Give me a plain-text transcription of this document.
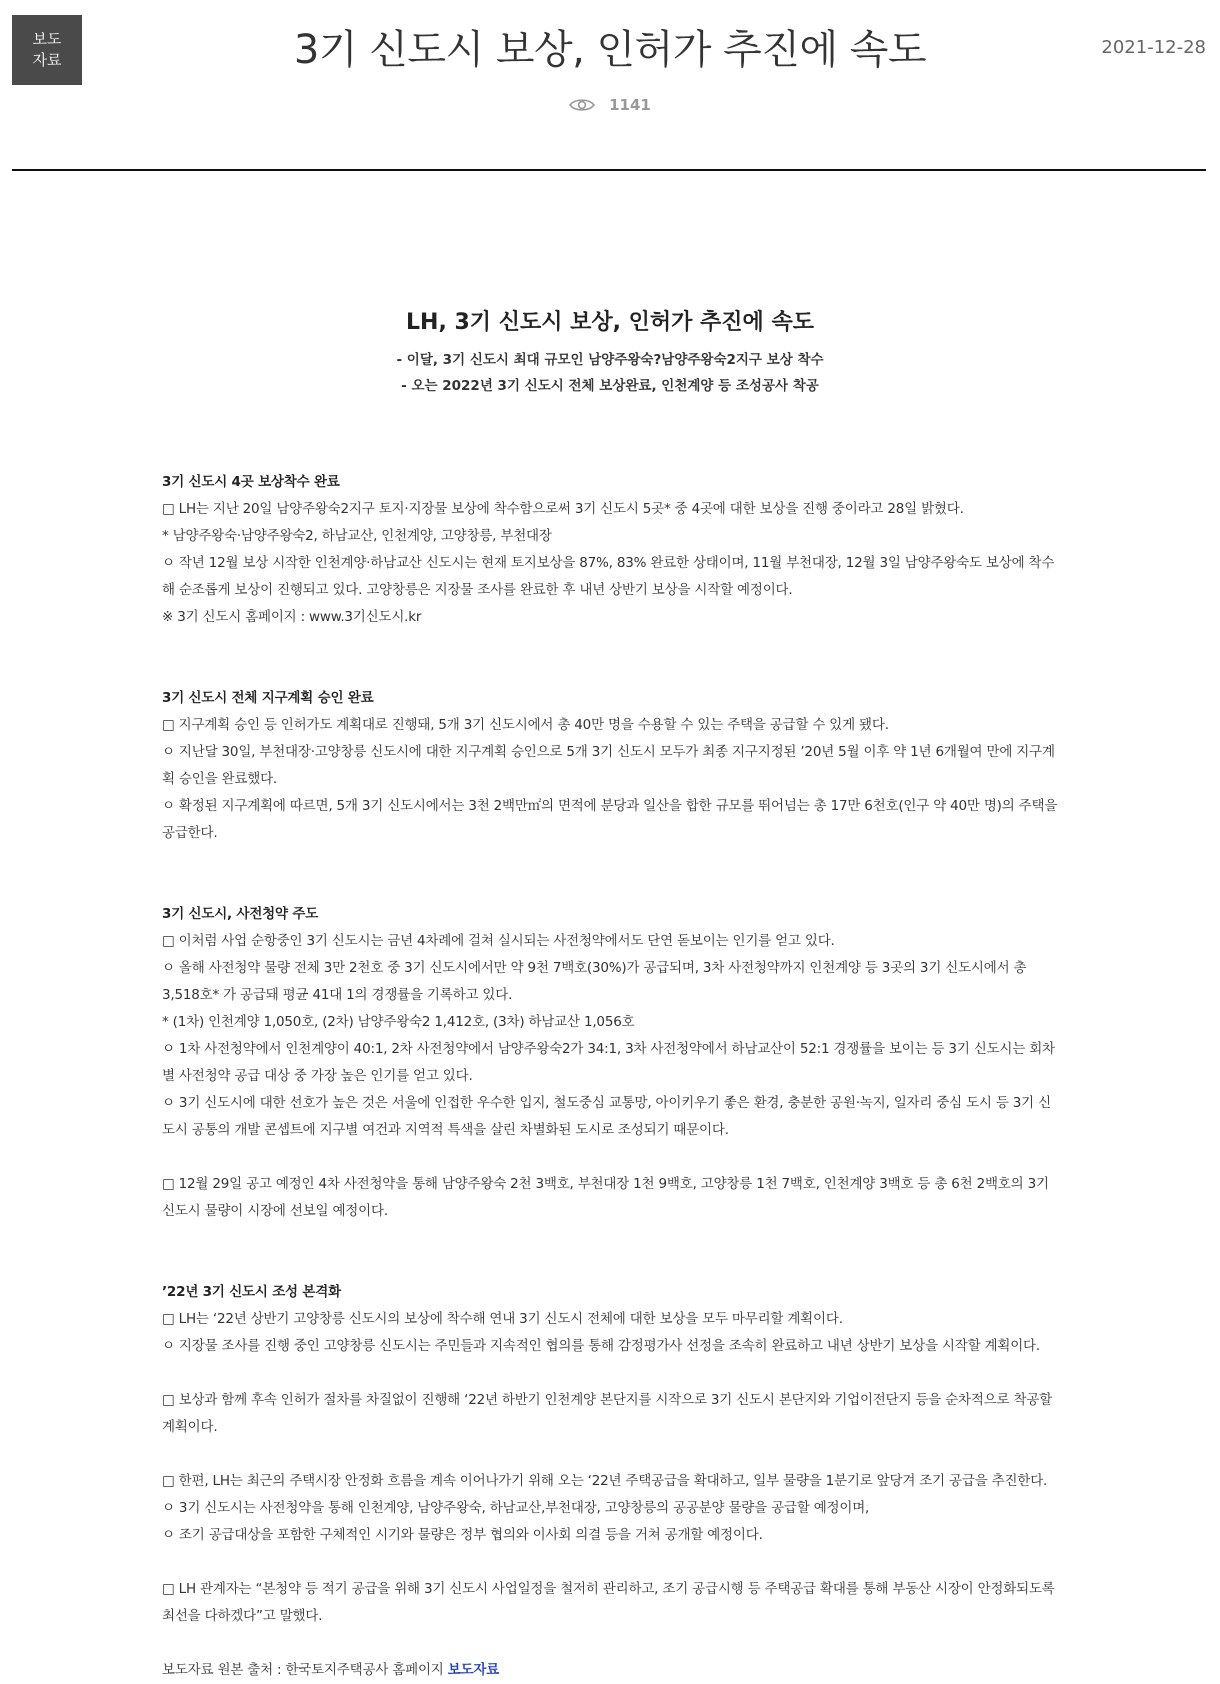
보도
자료	3기 신도시 보상, 인허가 추진에 속도	2021-12-28
1141
LH, 3기 신도시 보상, 인허가 추진에 속도
- 이달, 3기 신도시 최대 규모인 남양주왕숙?남양주왕숙2지구 보상 착수
- 오는 2022년 3기 신도시 전체 보상완료, 인천계양 등 조성공사 착공

3기 신도시 4곳 보상착수 완료

□ LH는 지난 20일 남양주왕숙2지구 토지·지장물 보상에 착수함으로써 3기 신도시 5곳* 중 4곳에 대한 보상을 진행 중이라고 28일 밝혔다.

* 남양주왕숙·남양주왕숙2, 하남교산, 인천계양, 고양창릉, 부천대장

ㅇ 작년 12월 보상 시작한 인천계양·하남교산 신도시는 현재 토지보상을 87%, 83% 완료한 상태이며, 11월 부천대장, 12월 3일 남양주왕숙도 보상에 착수해 순조롭게 보상이 진행되고 있다. 고양창릉은 지장물 조사를 완료한 후 내년 상반기 보상을 시작할 예정이다.

※ 3기 신도시 홈페이지 : www.3기신도시.kr

3기 신도시 전체 지구계획 승인 완료

□ 지구계획 승인 등 인허가도 계획대로 진행돼, 5개 3기 신도시에서 총 40만 명을 수용할 수 있는 주택을 공급할 수 있게 됐다.

ㅇ 지난달 30일, 부천대장·고양창릉 신도시에 대한 지구계획 승인으로 5개 3기 신도시 모두가 최종 지구지정된 ’20년 5월 이후 약 1년 6개월여 만에 지구계획 승인을 완료했다.

ㅇ 확정된 지구계획에 따르면, 5개 3기 신도시에서는 3천 2백만㎡의 면적에 분당과 일산을 합한 규모를 뛰어넘는 총 17만 6천호(인구 약 40만 명)의 주택을 공급한다.

3기 신도시, 사전청약 주도

□ 이처럼 사업 순항중인 3기 신도시는 금년 4차례에 걸쳐 실시되는 사전청약에서도 단연 돋보이는 인기를 얻고 있다.

ㅇ 올해 사전청약 물량 전체 3만 2천호 중 3기 신도시에서만 약 9천 7백호(30%)가 공급되며, 3차 사전청약까지 인천계양 등 3곳의 3기 신도시에서 총 3,518호* 가 공급돼 평균 41대 1의 경쟁률을 기록하고 있다.

* (1차) 인천계양 1,050호, (2차) 남양주왕숙2 1,412호, (3차) 하남교산 1,056호

ㅇ 1차 사전청약에서 인천계양이 40:1, 2차 사전청약에서 남양주왕숙2가 34:1, 3차 사전청약에서 하남교산이 52:1 경쟁률을 보이는 등 3기 신도시는 회차별 사전청약 공급 대상 중 가장 높은 인기를 얻고 있다.

ㅇ 3기 신도시에 대한 선호가 높은 것은 서울에 인접한 우수한 입지, 철도중심 교통망, 아이키우기 좋은 환경, 충분한 공원·녹지, 일자리 중심 도시 등 3기 신도시 공통의 개발 콘셉트에 지구별 여건과 지역적 특색을 살린 차별화된 도시로 조성되기 때문이다.

□ 12월 29일 공고 예정인 4차 사전청약을 통해 남양주왕숙 2천 3백호, 부천대장 1천 9백호, 고양창릉 1천 7백호, 인천계양 3백호 등 총 6천 2백호의 3기 신도시 물량이 시장에 선보일 예정이다.

’22년 3기 신도시 조성 본격화

□ LH는 ‘22년 상반기 고양창릉 신도시의 보상에 착수해 연내 3기 신도시 전체에 대한 보상을 모두 마무리할 계획이다.

ㅇ 지장물 조사를 진행 중인 고양창릉 신도시는 주민들과 지속적인 협의를 통해 감정평가사 선정을 조속히 완료하고 내년 상반기 보상을 시작할 계획이다.

□ 보상과 함께 후속 인허가 절차를 차질없이 진행해 ‘22년 하반기 인천계양 본단지를 시작으로 3기 신도시 본단지와 기업이전단지 등을 순차적으로 착공할 계획이다.

□ 한편, LH는 최근의 주택시장 안정화 흐름을 계속 이어나가기 위해 오는 ‘22년 주택공급을 확대하고, 일부 물량을 1분기로 앞당겨 조기 공급을 추진한다.

ㅇ 3기 신도시는 사전청약을 통해 인천계양, 남양주왕숙, 하남교산,부천대장, 고양창릉의 공공분양 물량을 공급할 예정이며,

ㅇ 조기 공급대상을 포함한 구체적인 시기와 물량은 정부 협의와 이사회 의결 등을 거쳐 공개할 예정이다.

□ LH 관계자는 “본청약 등 적기 공급을 위해 3기 신도시 사업일정을 철저히 관리하고, 조기 공급시행 등 주택공급 확대를 통해 부동산 시장이 안정화되도록 최선을 다하겠다”고 말했다.

보도자료 원본 출처 : 한국토지주택공사 홈페이지 보도자료
